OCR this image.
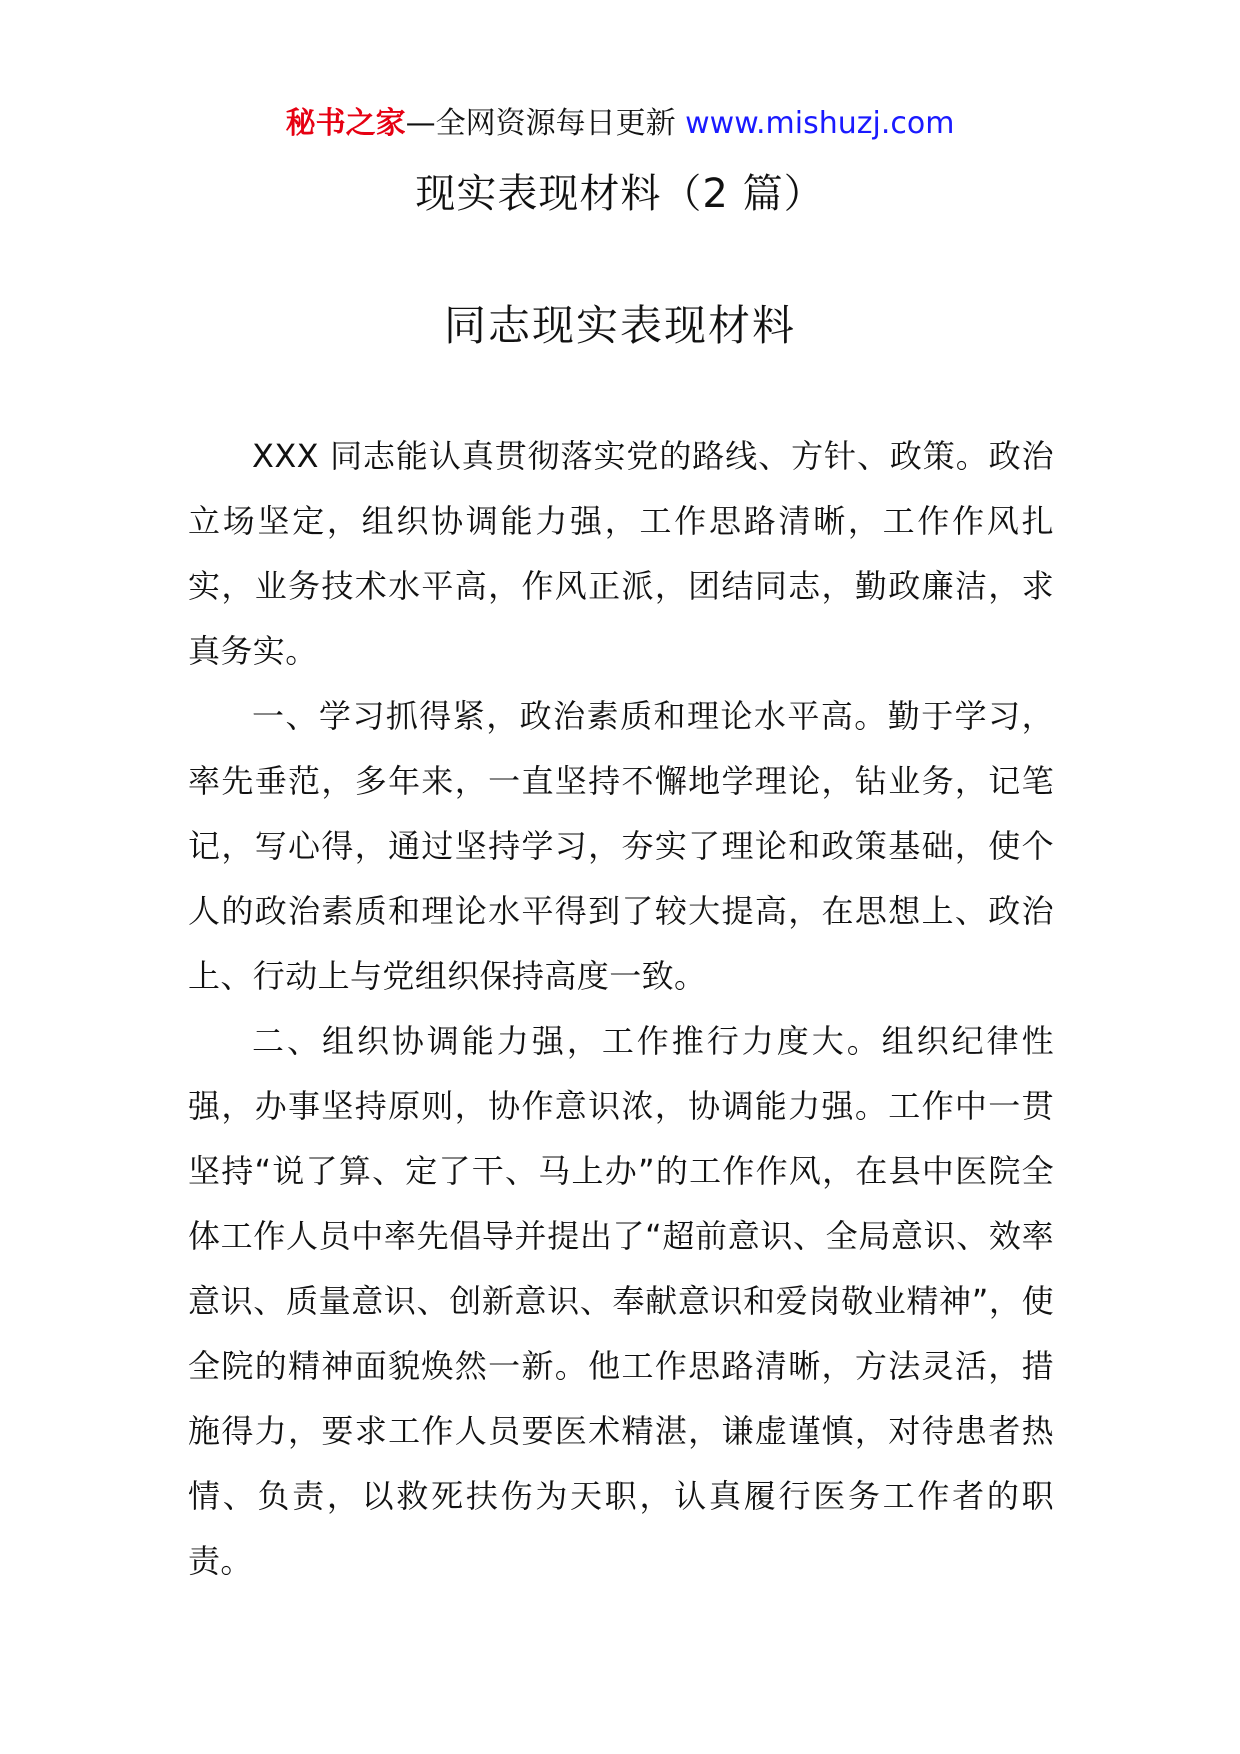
秘书之家—全网资源每日更新 www.mishuzj.com
现实表现材料（2 篇）
同志现实表现材料

XXX 同志能认真贯彻落实党的路线、方针、政策。政治立场坚定，组织协调能力强，工作思路清晰，工作作风扎实，业务技术水平高，作风正派，团结同志，勤政廉洁，求真务实。

一、学习抓得紧，政治素质和理论水平高。勤于学习，率先垂范，多年来，一直坚持不懈地学理论，钻业务，记笔记，写心得，通过坚持学习，夯实了理论和政策基础，使个人的政治素质和理论水平得到了较大提高，在思想上、政治上、行动上与党组织保持高度一致。

二、组织协调能力强，工作推行力度大。组织纪律性强，办事坚持原则，协作意识浓，协调能力强。工作中一贯坚持“说了算、定了干、马上办”的工作作风，在县中医院全体工作人员中率先倡导并提出了“超前意识、全局意识、效率意识、质量意识、创新意识、奉献意识和爱岗敬业精神”，使全院的精神面貌焕然一新。他工作思路清晰，方法灵活，措施得力，要求工作人员要医术精湛，谦虚谨慎，对待患者热情、负责，以救死扶伤为天职，认真履行医务工作者的职责。
